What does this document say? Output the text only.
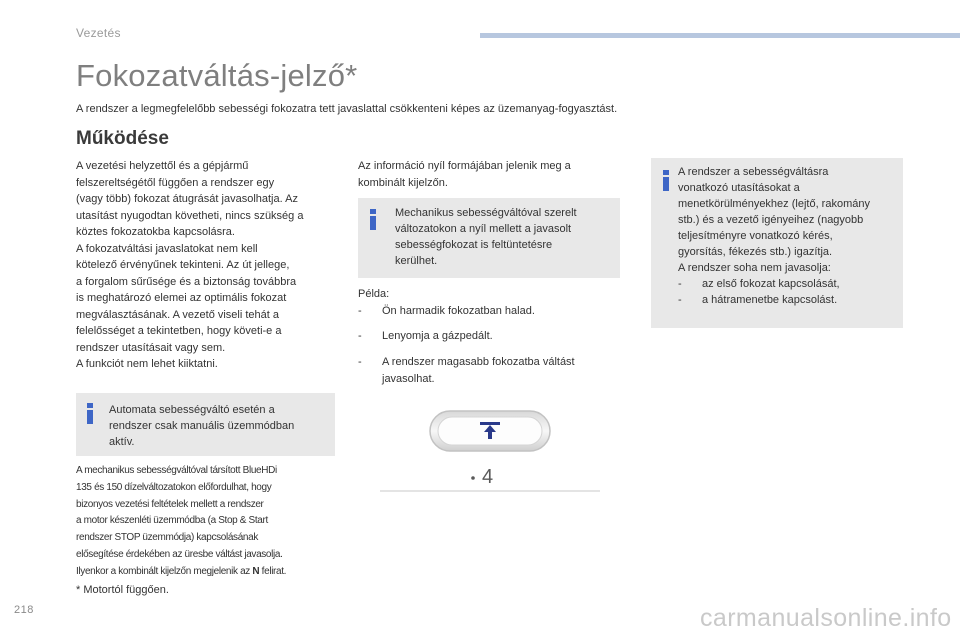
Vezetés
Fokozatváltás-jelző*
A rendszer a legmegfelelőbb sebességi fokozatra tett javaslattal csökkenteni képes az üzemanyag-fogyasztást.
Működése
A vezetési helyzettől és a gépjármű
felszereltségétől függően a rendszer egy
(vagy több) fokozat átugrását javasolhatja. Az
utasítást nyugodtan követheti, nincs szükség a
köztes fokozatokba kapcsolásra.
A fokozatváltási javaslatokat nem kell
kötelező érvényűnek tekinteni. Az út jellege,
a forgalom sűrűsége és a biztonság továbbra
is meghatározó elemei az optimális fokozat
megválasztásának. A vezető viseli tehát a
felelősséget a tekintetben, hogy követi-e a
rendszer utasításait vagy sem.
A funkciót nem lehet kiiktatni.
Automata sebességváltó esetén a
rendszer csak manuális üzemmódban
aktív.
A mechanikus sebességváltóval társított BlueHDi
135 és 150 dízelváltozatokon előfordulhat, hogy
bizonyos vezetési feltételek mellett a rendszer
a motor készenléti üzemmódba (a Stop & Start
rendszer STOP üzemmódja) kapcsolásának
elősegítése érdekében az üresbe váltást javasolja.
Ilyenkor a kombinált kijelzőn megjelenik az N felirat.
* Motortól függően.
Az információ nyíl formájában jelenik meg a
kombinált kijelzőn.
Mechanikus sebességváltóval szerelt
változatokon a nyíl mellett a javasolt
sebességfokozat is feltüntetésre
kerülhet.
Példa:
- Ön harmadik fokozatban halad.
- Lenyomja a gázpedált.
- A rendszer magasabb fokozatba váltást
javasolhat.
4
A rendszer a sebességváltásra
vonatkozó utasításokat a
menetkörülményekhez (lejtő, rakomány
stb.) és a vezető igényeihez (nagyobb
teljesítményre vonatkozó kérés,
gyorsítás, fékezés stb.) igazítja.
A rendszer soha nem javasolja:
- az első fokozat kapcsolását,
- a hátramenetbe kapcsolást.
218	carmanualsonline.info
